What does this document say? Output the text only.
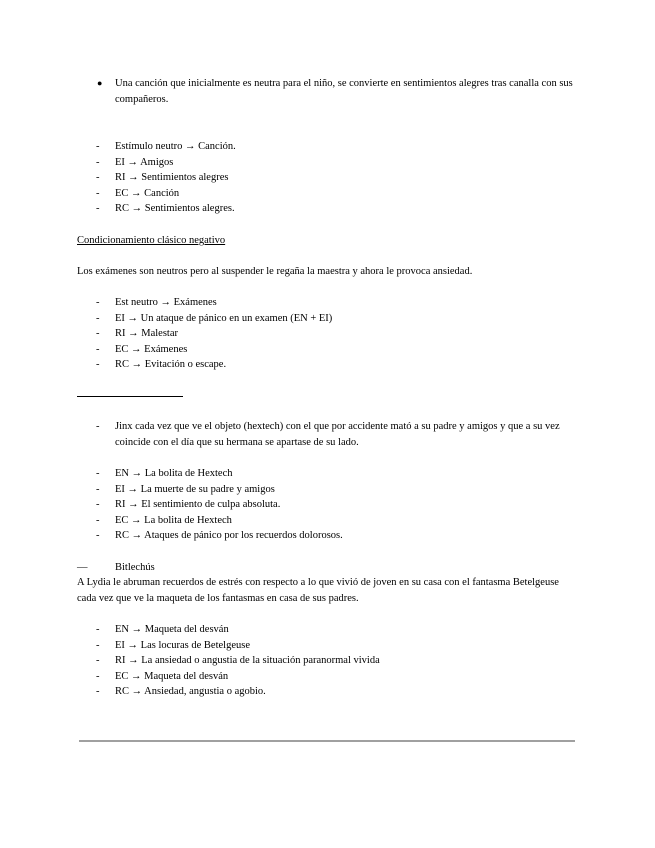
● Una canción que inicialmente es neutra para el niño, se convierte en sentimientos alegres tras canalla con sus compañeros.
- Estímulo neutro → Canción.
- EI → Amigos
- RI → Sentimientos alegres
- EC → Canción
- RC → Sentimientos alegres.
Condicionamiento clásico negativo
Los exámenes son neutros pero al suspender le regaña la maestra y ahora le provoca ansiedad.
- Est neutro → Exámenes
- EI → Un ataque de pánico en un examen (EN + EI)
- RI → Malestar
- EC → Exámenes
- RC → Evitación o escape.
- Jinx cada vez que ve el objeto (hextech) con el que por accidente mató a su padre y amigos y que a su vez coincide con el día que su hermana se apartase de su lado.
- EN → La bolita de Hextech
- EI → La muerte de su padre y amigos
- RI → El sentimiento de culpa absoluta.
- EC → La bolita de Hextech
- RC → Ataques de pánico por los recuerdos dolorosos.
—	Bitlechús
A Lydia le abruman recuerdos de estrés con respecto a lo que vivió de joven en su casa con el fantasma Betelgeuse cada vez que ve la maqueta de los fantasmas en casa de sus padres.
- EN → Maqueta del desván
- EI → Las locuras de Betelgeuse
- RI → La ansiedad o angustia de la situación paranormal vivida
- EC → Maqueta del desván
- RC → Ansiedad, angustia o agobio.
